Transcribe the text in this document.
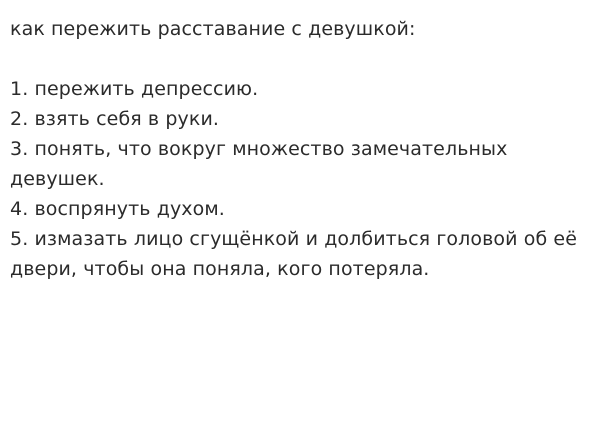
как пережить расставание с девушкой:

1. пережить депрессию.
2. взять себя в руки.
3. понять, что вокруг множество замечательных девушек.
4. воспрянуть духом.
5. измазать лицо сгущёнкой и долбиться головой об её двери, чтобы она поняла, кого потеряла.
